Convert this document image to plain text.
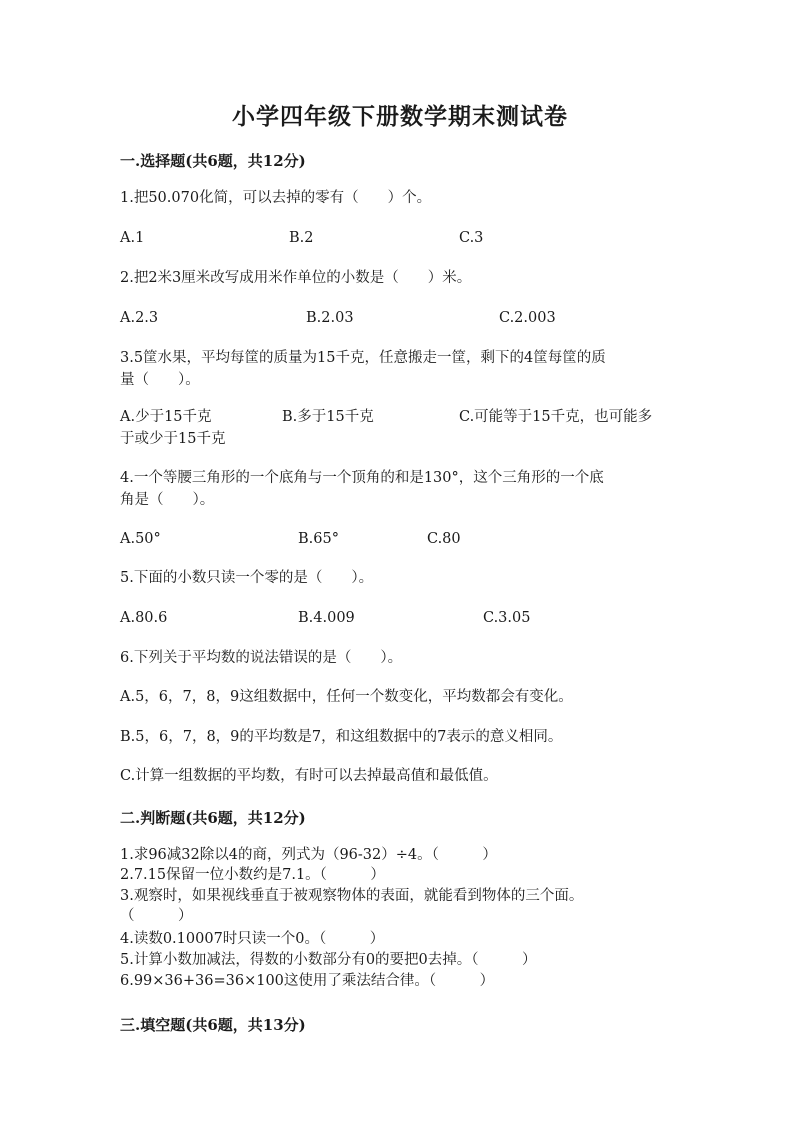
小学四年级下册数学期末测试卷
一.选择题(共6题，共12分)
1.把50.070化简，可以去掉的零有（　　）个。
A.1	B.2	C.3
2.把2米3厘米改写成用米作单位的小数是（　　）米。
A.2.3	B.2.03	C.2.003
3.5筐水果，平均每筐的质量为15千克，任意搬走一筐，剩下的4筐每筐的质
量（　　）。
A.少于15千克	B.多于15千克	C.可能等于15千克，也可能多
于或少于15千克
4.一个等腰三角形的一个底角与一个顶角的和是130°，这个三角形的一个底
角是（　　）。
A.50°	B.65°	C.80
5.下面的小数只读一个零的是（　　）。
A.80.6	B.4.009	C.3.05
6.下列关于平均数的说法错误的是（　　）。
A.5，6，7，8，9这组数据中，任何一个数变化，平均数都会有变化。
B.5，6，7，8，9的平均数是7，和这组数据中的7表示的意义相同。
C.计算一组数据的平均数，有时可以去掉最高值和最低值。
二.判断题(共6题，共12分)
1.求96减32除以4的商，列式为（96-32）÷4。（　　　）
2.7.15保留一位小数约是7.1。（　　　）
3.观察时，如果视线垂直于被观察物体的表面，就能看到物体的三个面。
（　　　）
4.读数0.10007时只读一个0。（　　　）
5.计算小数加减法，得数的小数部分有0的要把0去掉。（　　　）
6.99×36+36=36×100这使用了乘法结合律。（　　　）
三.填空题(共6题，共13分)
